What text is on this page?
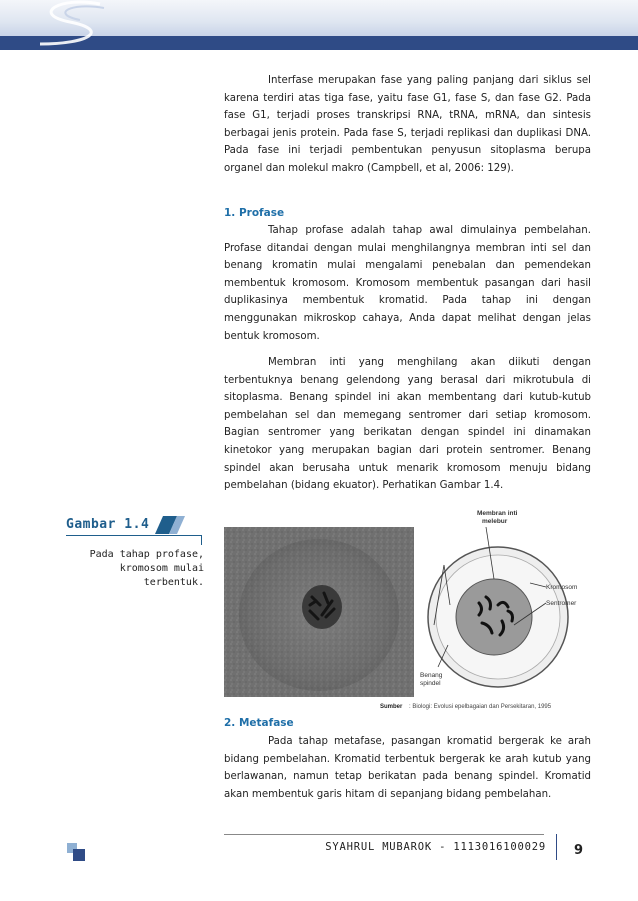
Interfase merupakan fase yang paling panjang dari siklus sel karena terdiri atas tiga fase, yaitu fase G1, fase S, dan fase G2. Pada fase G1, terjadi proses transkripsi RNA, tRNA, mRNA, dan sintesis berbagai jenis protein. Pada fase S, terjadi replikasi dan duplikasi DNA. Pada fase ini terjadi pembentukan penyusun sitoplasma berupa organel dan molekul makro (Campbell, et al, 2006: 129).

1. Profase

Tahap profase adalah tahap awal dimulainya pembelahan. Profase ditandai dengan mulai menghilangnya membran inti sel dan benang kromatin mulai mengalami penebalan dan pemendekan membentuk kromosom. Kromosom membentuk pasangan dari hasil duplikasinya membentuk kromatid. Pada tahap ini dengan menggunakan mikroskop cahaya, Anda dapat melihat dengan jelas bentuk kromosom.

Membran inti yang menghilang akan diikuti dengan terbentuknya benang gelendong yang berasal dari mikrotubula di sitoplasma. Benang spindel ini akan membentang dari kutub-kutub pembelahan sel dan memegang sentromer dari setiap kromosom. Bagian sentromer yang berikatan dengan spindel ini dinamakan kinetokor yang merupakan bagian dari protein sentromer. Benang spindel akan berusaha untuk menarik kromosom menuju bidang pembelahan (bidang ekuator). Perhatikan Gambar 1.4.

Gambar 1.4
Pada tahap profase, kromosom mulai terbentuk.
Membran inti
melebur
Kromosom
Sentromer
Benang
spindel
Sumber : Biologi: Evolusi epelbagaian dan Persekitaran, 1995

2. Metafase

Pada tahap metafase, pasangan kromatid bergerak ke arah bidang pembelahan. Kromatid terbentuk bergerak ke arah kutub yang berlawanan, namun tetap berikatan pada benang spindel. Kromatid akan membentuk garis hitam di sepanjang bidang pembelahan.

SYAHRUL MUBAROK - 1113016100029 9
